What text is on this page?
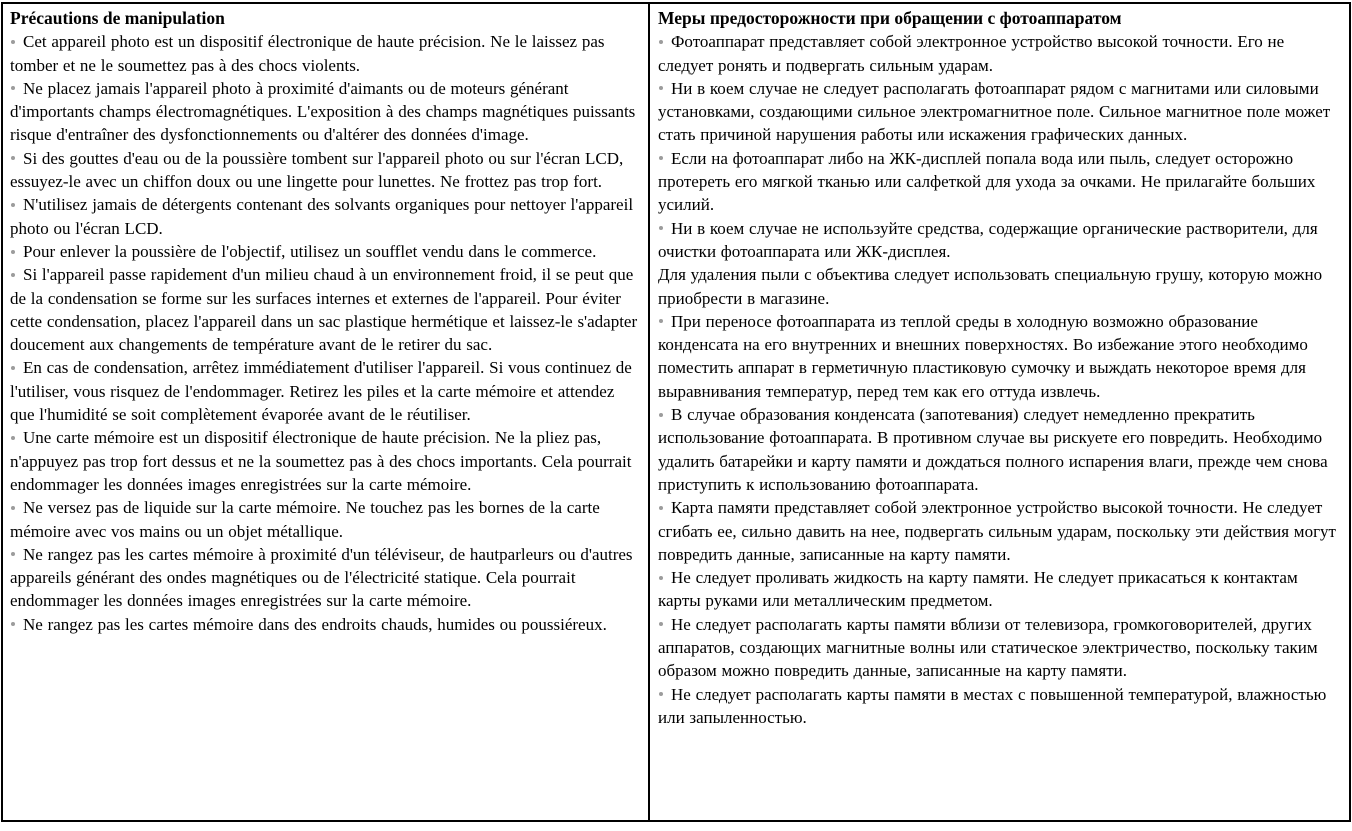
Précautions de manipulation

Cet appareil photo est un dispositif électronique de haute précision. Ne le laissez pas tomber et ne le soumettez pas à des chocs violents.

Ne placez jamais l'appareil photo à proximité d'aimants ou de moteurs générant d'importants champs électromagnétiques. L'exposition à des champs magnétiques puissants risque d'entraîner des dysfonctionnements ou d'altérer des données d'image.

Si des gouttes d'eau ou de la poussière tombent sur l'appareil photo ou sur l'écran LCD, essuyez-le avec un chiffon doux ou une lingette pour lunettes. Ne frottez pas trop fort.

N'utilisez jamais de détergents contenant des solvants organiques pour nettoyer l'appareil photo ou l'écran LCD.

Pour enlever la poussière de l'objectif, utilisez un soufflet vendu dans le commerce.

Si l'appareil passe rapidement d'un milieu chaud à un environnement froid, il se peut que de la condensation se forme sur les surfaces internes et externes de l'appareil. Pour éviter cette condensation, placez l'appareil dans un sac plastique hermétique et laissez-le s'adapter doucement aux changements de température avant de le retirer du sac.

En cas de condensation, arrêtez immédiatement d'utiliser l'appareil. Si vous continuez de l'utiliser, vous risquez de l'endommager. Retirez les piles et la carte mémoire et attendez que l'humidité se soit complètement évaporée avant de le réutiliser.

Une carte mémoire est un dispositif électronique de haute précision. Ne la pliez pas, n'appuyez pas trop fort dessus et ne la soumettez pas à des chocs importants. Cela pourrait endommager les données images enregistrées sur la carte mémoire.

Ne versez pas de liquide sur la carte mémoire. Ne touchez pas les bornes de la carte mémoire avec vos mains ou un objet métallique.

Ne rangez pas les cartes mémoire à proximité d'un téléviseur, de hautparleurs ou d'autres appareils générant des ondes magnétiques ou de l'électricité statique. Cela pourrait endommager les données images enregistrées sur la carte mémoire.

Ne rangez pas les cartes mémoire dans des endroits chauds, humides ou poussiéreux.

Меры предосторожности при обращении с фотоаппаратом

Фотоаппарат представляет собой электронное устройство высокой точности. Его не следует ронять и подвергать сильным ударам.

Ни в коем случае не следует располагать фотоаппарат рядом с магнитами или силовыми установками, создающими сильное электромагнитное поле. Сильное магнитное поле может стать причиной нарушения работы или искажения графических данных.

Если на фотоаппарат либо на ЖК-дисплей попала вода или пыль, следует осторожно протереть его мягкой тканью или салфеткой для ухода за очками. Не прилагайте больших усилий.

Ни в коем случае не используйте средства, содержащие органические растворители, для очистки фотоаппарата или ЖК-дисплея.

Для удаления пыли с объектива следует использовать специальную грушу, которую можно приобрести в магазине.

При переносе фотоаппарата из теплой среды в холодную возможно образование конденсата на его внутренних и внешних поверхностях. Во избежание этого необходимо поместить аппарат в герметичную пластиковую сумочку и выждать некоторое время для выравнивания температур, перед тем как его оттуда извлечь.

В случае образования конденсата (запотевания) следует немедленно прекратить использование фотоаппарата. В противном случае вы рискуете его повредить. Необходимо удалить батарейки и карту памяти и дождаться полного испарения влаги, прежде чем снова приступить к использованию фотоаппарата.

Карта памяти представляет собой электронное устройство высокой точности. Не следует сгибать ее, сильно давить на нее, подвергать сильным ударам, поскольку эти действия могут повредить данные, записанные на карту памяти.

Не следует проливать жидкость на карту памяти. Не следует прикасаться к контактам карты руками или металлическим предметом.

Не следует располагать карты памяти вблизи от телевизора, громкоговорителей, других аппаратов, создающих магнитные волны или статическое электричество, поскольку таким образом можно повредить данные, записанные на карту памяти.

Не следует располагать карты памяти в местах с повышенной температурой, влажностью или запыленностью.
